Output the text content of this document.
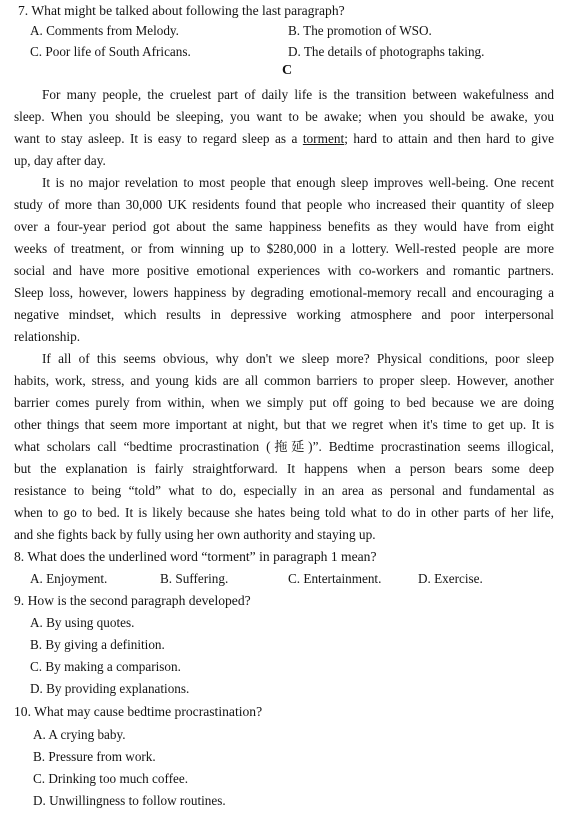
7. What might be talked about following the last paragraph?
A. Comments from Melody.	B. The promotion of WSO.
C. Poor life of South Africans.	D. The details of photographs taking.
C
For many people, the cruelest part of daily life is the transition between wakefulness and
sleep. When you should be sleeping, you want to be awake; when you should be awake, you
want to stay asleep. It is easy to regard sleep as a torment; hard to attain and then hard to give
up, day after day.
It is no major revelation to most people that enough sleep improves well-being. One recent
study of more than 30,000 UK residents found that people who increased their quantity of sleep
over a four-year period got about the same happiness benefits as they would have from eight
weeks of treatment, or from winning up to $280,000 in a lottery. Well-rested people are more
social and have more positive emotional experiences with co-workers and romantic partners.
Sleep loss, however, lowers happiness by degrading emotional-memory recall and encouraging a
negative mindset, which results in depressive working atmosphere and poor interpersonal
relationship.
If all of this seems obvious, why don't we sleep more? Physical conditions, poor sleep
habits, work, stress, and young kids are all common barriers to proper sleep. However, another
barrier comes purely from within, when we simply put off going to bed because we are doing
other things that seem more important at night, but that we regret when it's time to get up. It is
what scholars call “bedtime procrastination (拖延)”. Bedtime procrastination seems illogical,
but the explanation is fairly straightforward. It happens when a person bears some deep
resistance to being “told” what to do, especially in an area as personal and fundamental as
when to go to bed. It is likely because she hates being told what to do in other parts of her life,
and she fights back by fully using her own authority and staying up.
8. What does the underlined word “torment” in paragraph 1 mean?
A. Enjoyment.	B. Suffering.	C. Entertainment.	D. Exercise.
9. How is the second paragraph developed?
A. By using quotes.
B. By giving a definition.
C. By making a comparison.
D. By providing explanations.
10. What may cause bedtime procrastination?
A. A crying baby.
B. Pressure from work.
C. Drinking too much coffee.
D. Unwillingness to follow routines.
